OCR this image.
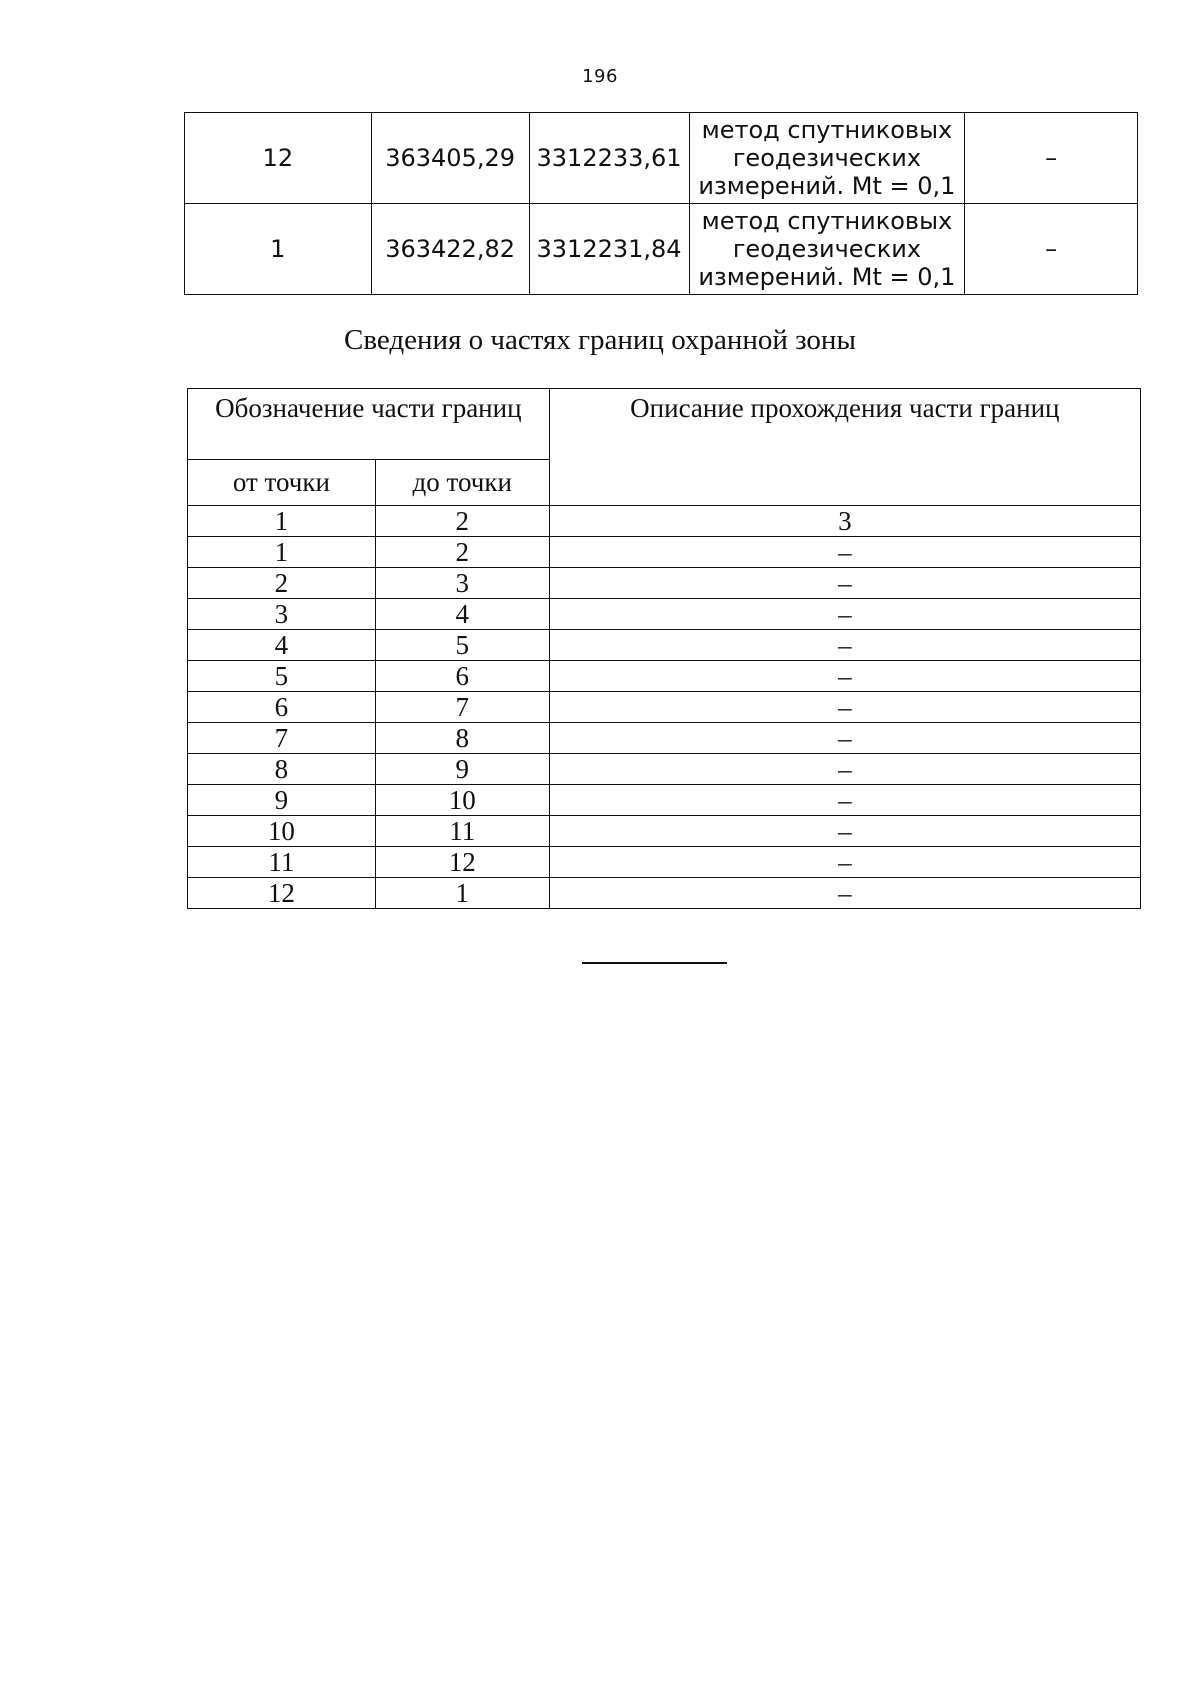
196
12	363405,29	3312233,61	метод спутниковых
геодезических
измерений. Mt = 0,1	–
1	363422,82	3312231,84	метод спутниковых
геодезических
измерений. Mt = 0,1	–
Сведения о частях границ охранной зоны
Обозначение части границ		Описание прохождения части границ
от точки	до точки	
1	2	3
1	2	–
2	3	–
3	4	–
4	5	–
5	6	–
6	7	–
7	8	–
8	9	–
9	10	–
10	11	–
11	12	–
12	1	–
